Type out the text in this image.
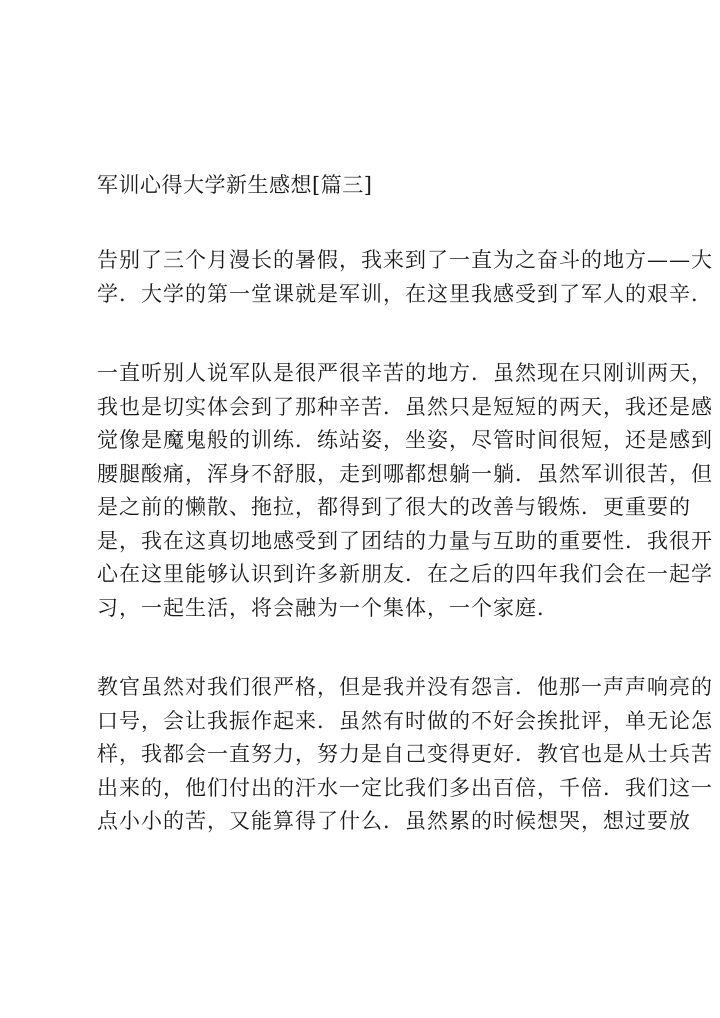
军训心得大学新生感想[篇三]
告别了三个月漫长的暑假，我来到了一直为之奋斗的地方——大
学．大学的第一堂课就是军训，在这里我感受到了军人的艰辛．
一直听别人说军队是很严很辛苦的地方．虽然现在只刚训两天，
我也是切实体会到了那种辛苦．虽然只是短短的两天，我还是感
觉像是魔鬼般的训练．练站姿，坐姿，尽管时间很短，还是感到
腰腿酸痛，浑身不舒服，走到哪都想躺一躺．虽然军训很苦，但
是之前的懒散、拖拉，都得到了很大的改善与锻炼．更重要的
是，我在这真切地感受到了团结的力量与互助的重要性．我很开
心在这里能够认识到许多新朋友．在之后的四年我们会在一起学
习，一起生活，将会融为一个集体，一个家庭．
教官虽然对我们很严格，但是我并没有怨言．他那一声声响亮的
口号，会让我振作起来．虽然有时做的不好会挨批评，单无论怎
样，我都会一直努力，努力是自己变得更好．教官也是从士兵苦
出来的，他们付出的汗水一定比我们多出百倍，千倍．我们这一
点小小的苦，又能算得了什么．虽然累的时候想哭，想过要放
